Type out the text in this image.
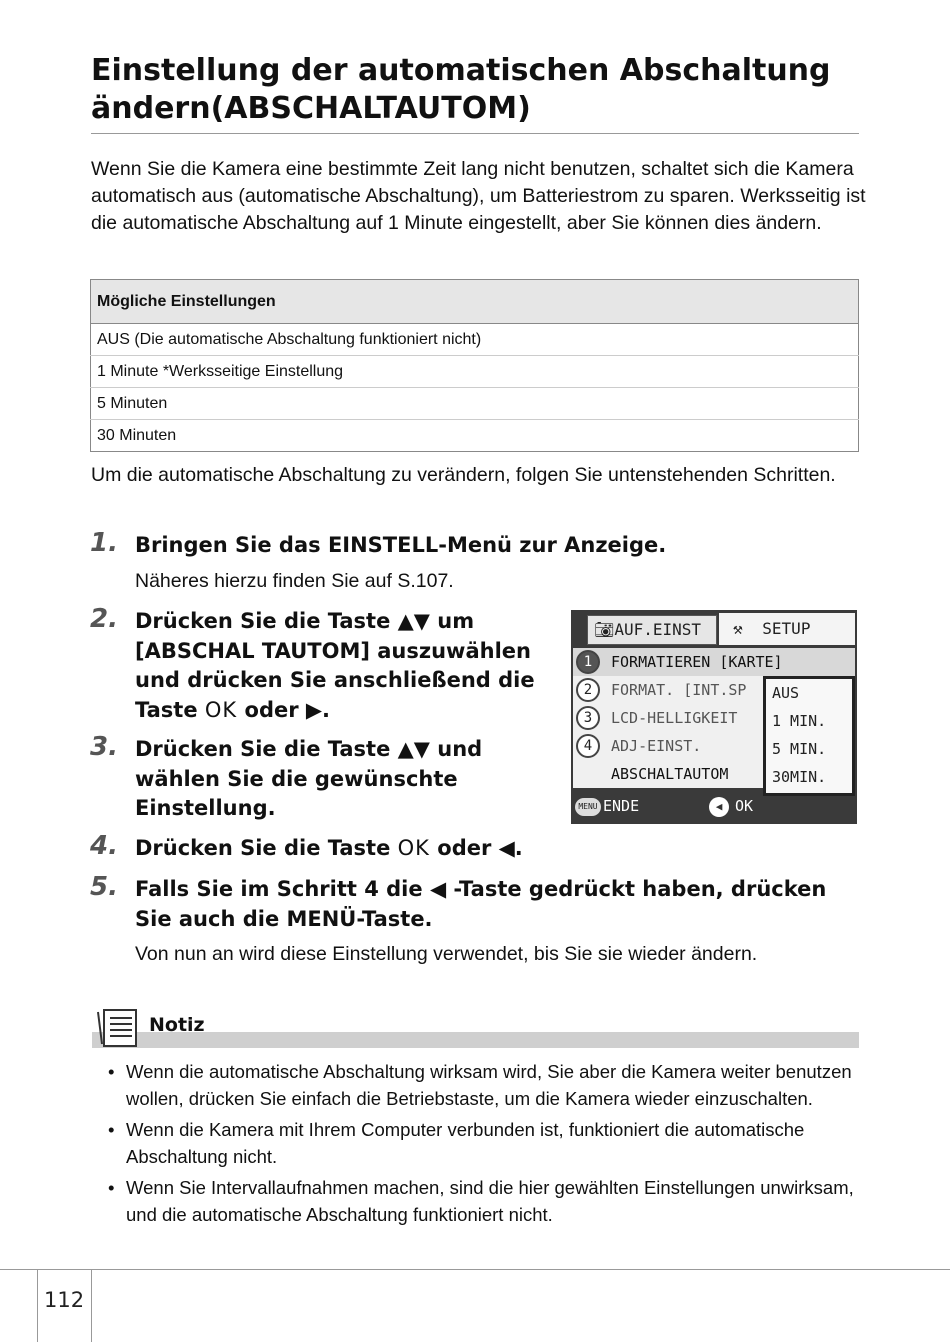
Einstellung der automatischen Abschaltung ändern(ABSCHALTAUTOM)

Wenn Sie die Kamera eine bestimmte Zeit lang nicht benutzen, schaltet sich die Kamera automatisch aus (automatische Abschaltung), um Batteriestrom zu sparen. Werksseitig ist die automatische Abschaltung auf 1 Minute eingestellt, aber Sie können dies ändern.

Mögliche Einstellungen
AUS (Die automatische Abschaltung funktioniert nicht)
1 Minute *Werksseitige Einstellung
5 Minuten
30 Minuten

Um die automatische Abschaltung zu verändern, folgen Sie untenstehenden Schritten.

1. Bringen Sie das EINSTELL-Menü zur Anzeige.

Näheres hierzu finden Sie auf S.107.

2. Drücken Sie die Taste ▲▼ um [ABSCHAL TAUTOM] auszuwählen und drücken Sie anschließend die Taste OK oder ▶.

3. Drücken Sie die Taste ▲▼ und wählen Sie die gewünschte Einstellung.

4. Drücken Sie die Taste OK oder ◀.

5. Falls Sie im Schritt 4 die ◀ -Taste gedrückt haben, drücken Sie auch die MENÜ-Taste.

Von nun an wird diese Einstellung verwendet, bis Sie sie wieder ändern.

📷︎AUF.EINST	⚒ SETUP
1	FORMATIEREN [KARTE]
2	FORMAT. [INT.SP
3	LCD-HELLIGKEIT
4	ADJ-EINST.
ABSCHALTAUTOM
AUS
1 MIN.
5 MIN.
30MIN.
MENU ENDE	◀ OK
Notiz
• Wenn die automatische Abschaltung wirksam wird, Sie aber die Kamera weiter benutzen wollen, drücken Sie einfach die Betriebstaste, um die Kamera wieder einzuschalten.
• Wenn die Kamera mit Ihrem Computer verbunden ist, funktioniert die automatische Abschaltung nicht.
• Wenn Sie Intervallaufnahmen machen, sind die hier gewählten Einstellungen unwirksam, und die automatische Abschaltung funktioniert nicht.
112
